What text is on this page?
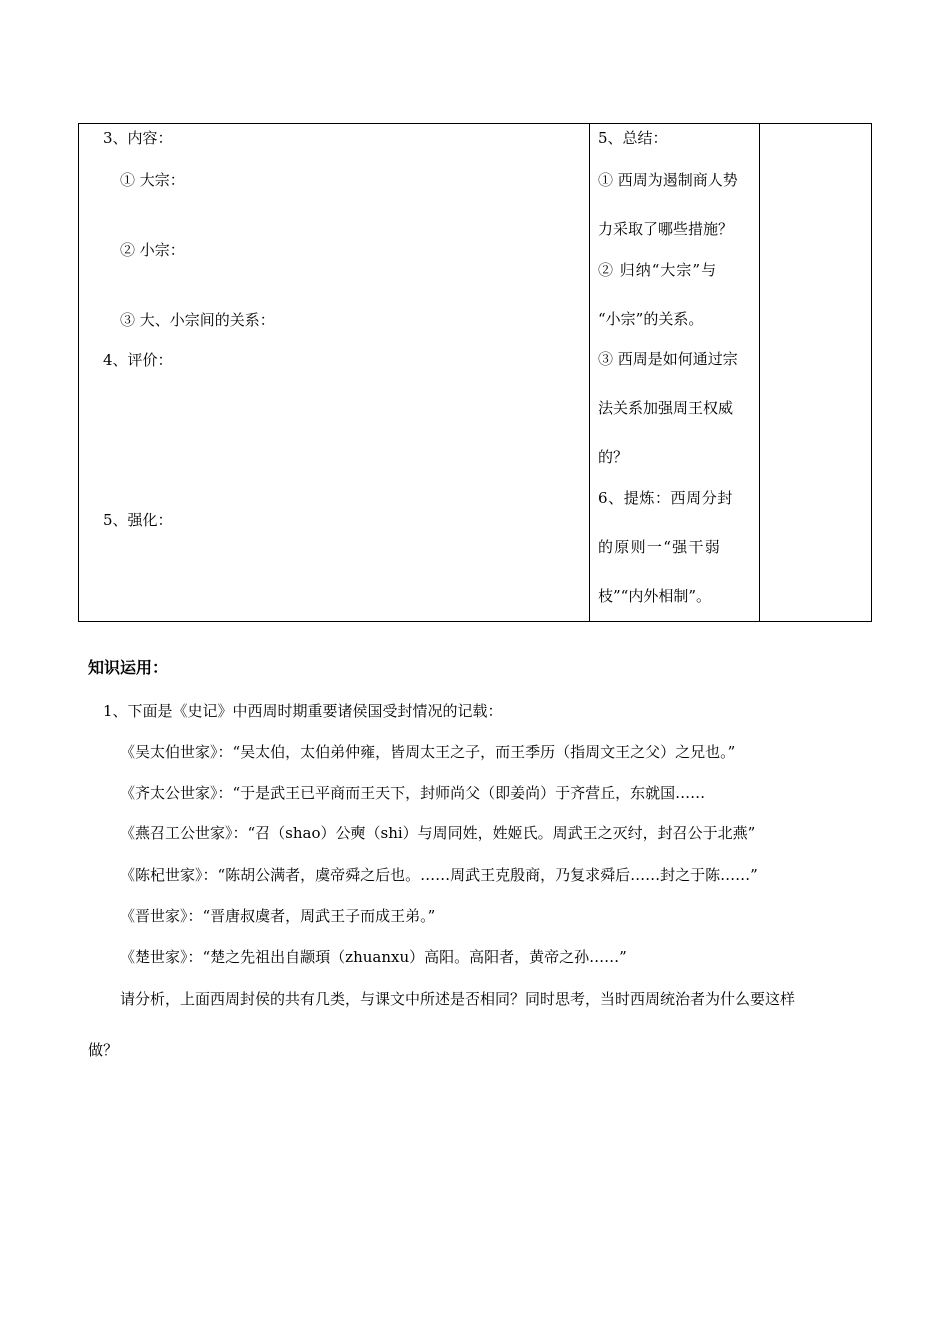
3、内容：
① 大宗：
② 小宗：
③ 大、小宗间的关系：
4、评价：
5、强化：
5、总结：
① 西周为遏制商人势
力采取了哪些措施？
② 归纳“大宗”与
“小宗”的关系。
③ 西周是如何通过宗
法关系加强周王权威
的？
6、提炼：西周分封
的原则一“强干弱
枝”“内外相制”。
知识运用：
1、下面是《史记》中西周时期重要诸侯国受封情况的记载：
《吴太伯世家》：“吴太伯，太伯弟仲雍，皆周太王之子，而王季历（指周文王之父）之兄也。”
《齐太公世家》：“于是武王已平商而王天下，封师尚父（即姜尚）于齐营丘，东就国……
《燕召工公世家》：“召（shao）公奭（shi）与周同姓，姓姬氏。周武王之灭纣，封召公于北燕”
《陈杞世家》：“陈胡公满者，虞帝舜之后也。……周武王克殷商，乃复求舜后……封之于陈……”
《晋世家》：“晋唐叔虞者，周武王子而成王弟。”
《楚世家》：“楚之先祖出自颛頊（zhuanxu）高阳。高阳者，黄帝之孙……”
请分析，上面西周封侯的共有几类，与课文中所述是否相同？同时思考，当时西周统治者为什么要这样
做？
